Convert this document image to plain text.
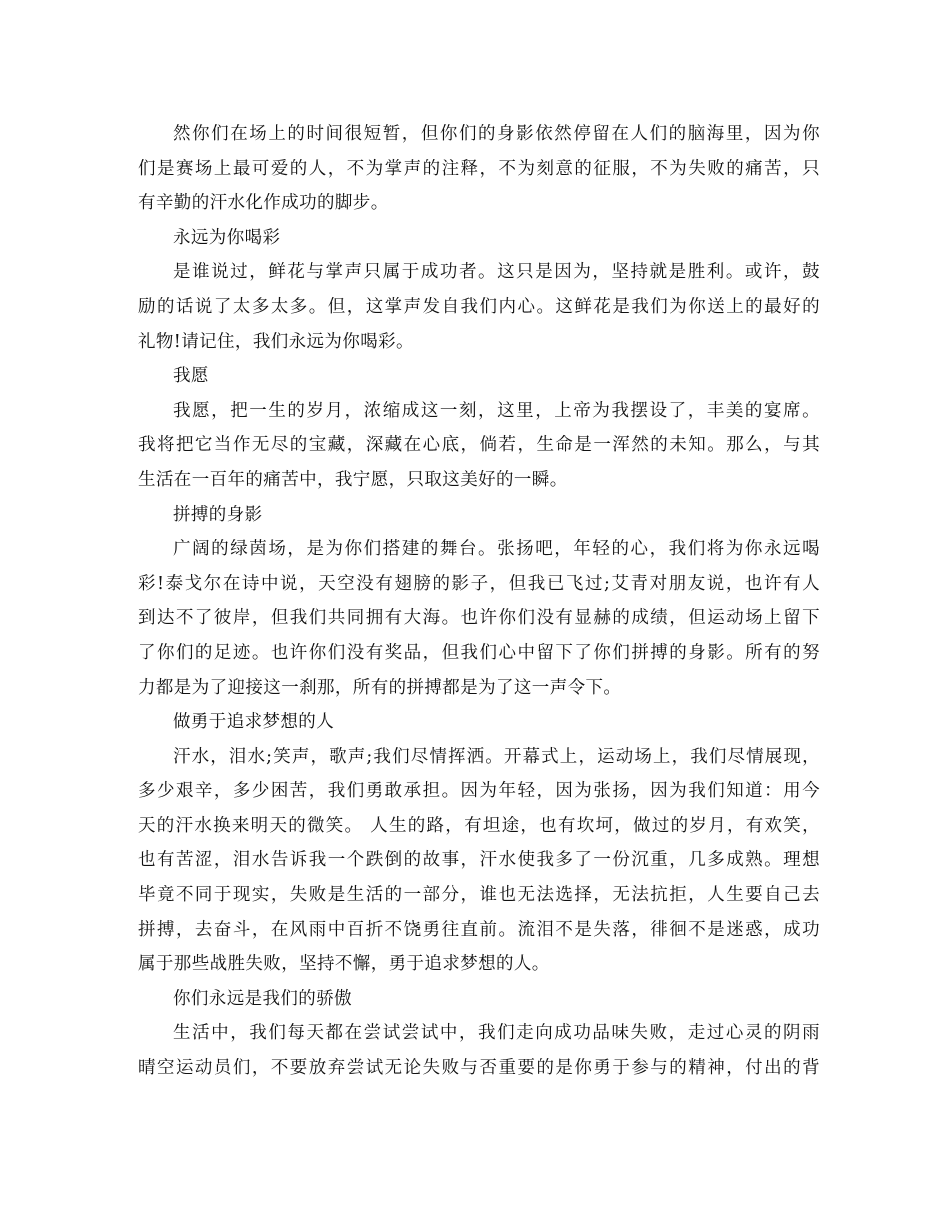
然你们在场上的时间很短暂，但你们的身影依然停留在人们的脑海里，因为你
们是赛场上最可爱的人，不为掌声的注释，不为刻意的征服，不为失败的痛苦，只
有辛勤的汗水化作成功的脚步。
永远为你喝彩
是谁说过，鲜花与掌声只属于成功者。这只是因为，坚持就是胜利。或许，鼓
励的话说了太多太多。但，这掌声发自我们内心。这鲜花是我们为你送上的最好的
礼物!请记住，我们永远为你喝彩。
我愿
我愿，把一生的岁月，浓缩成这一刻，这里，上帝为我摆设了，丰美的宴席。
我将把它当作无尽的宝藏，深藏在心底，倘若，生命是一浑然的未知。那么，与其
生活在一百年的痛苦中，我宁愿，只取这美好的一瞬。
拼搏的身影
广阔的绿茵场，是为你们搭建的舞台。张扬吧，年轻的心，我们将为你永远喝
彩!泰戈尔在诗中说，天空没有翅膀的影子，但我已飞过;艾青对朋友说，也许有人
到达不了彼岸，但我们共同拥有大海。也许你们没有显赫的成绩，但运动场上留下
了你们的足迹。也许你们没有奖品，但我们心中留下了你们拼搏的身影。所有的努
力都是为了迎接这一刹那，所有的拼搏都是为了这一声令下。
做勇于追求梦想的人
汗水，泪水;笑声，歌声;我们尽情挥洒。开幕式上，运动场上，我们尽情展现，
多少艰辛，多少困苦，我们勇敢承担。因为年轻，因为张扬，因为我们知道：用今
天的汗水换来明天的微笑。 人生的路，有坦途，也有坎坷，做过的岁月，有欢笑，
也有苦涩，泪水告诉我一个跌倒的故事，汗水使我多了一份沉重，几多成熟。理想
毕竟不同于现实，失败是生活的一部分，谁也无法选择，无法抗拒，人生要自己去
拼搏，去奋斗，在风雨中百折不饶勇往直前。流泪不是失落，徘徊不是迷惑，成功
属于那些战胜失败，坚持不懈，勇于追求梦想的人。
你们永远是我们的骄傲
生活中，我们每天都在尝试尝试中，我们走向成功品味失败，走过心灵的阴雨
晴空运动员们，不要放弃尝试无论失败与否重要的是你勇于参与的精神，付出的背
